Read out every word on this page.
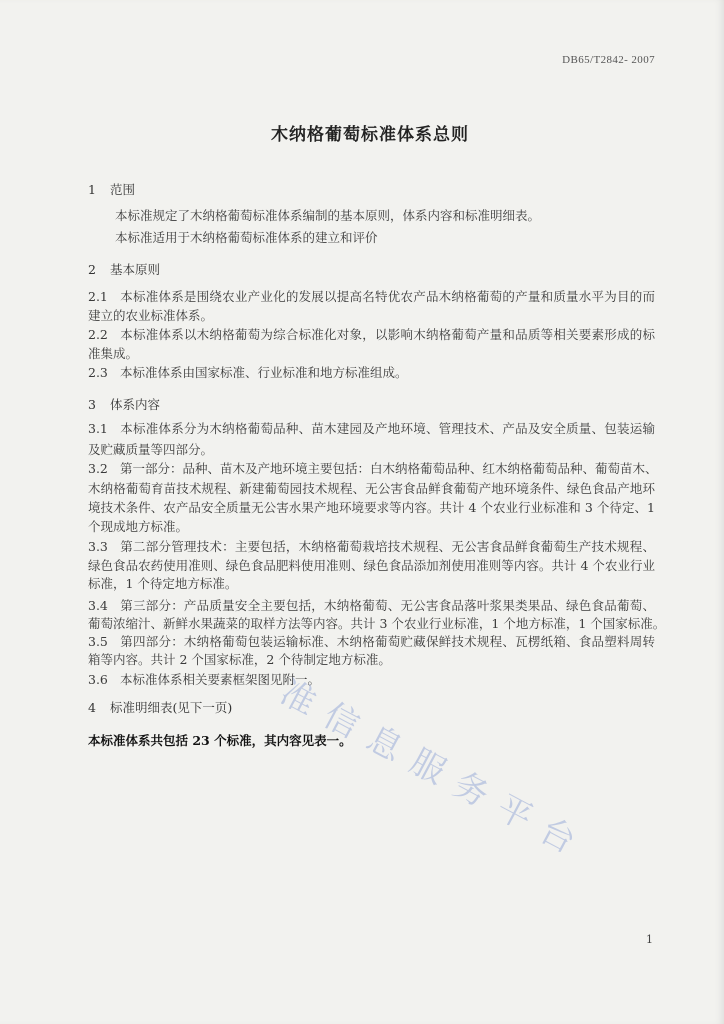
DB65/T2842- 2007
木纳格葡萄标准体系总则
1 范围
本标准规定了木纳格葡萄标准体系编制的基本原则，体系内容和标准明细表。
本标准适用于木纳格葡萄标准体系的建立和评价
2 基本原则
2.1 本标准体系是围绕农业产业化的发展以提高名特优农产品木纳格葡萄的产量和质量水平为目的而
建立的农业标准体系。
2.2 本标准体系以木纳格葡萄为综合标准化对象，以影响木纳格葡萄产量和品质等相关要素形成的标
准集成。
2.3 本标准体系由国家标准、行业标准和地方标准组成。
3 体系内容
3.1 本标准体系分为木纳格葡萄品种、苗木建园及产地环境、管理技术、产品及安全质量、包装运输
及贮藏质量等四部分。
3.2 第一部分：品种、苗木及产地环境主要包括：白木纳格葡萄品种、红木纳格葡萄品种、葡萄苗木、
木纳格葡萄育苗技术规程、新建葡萄园技术规程、无公害食品鲜食葡萄产地环境条件、绿色食品产地环
境技术条件、农产品安全质量无公害水果产地环境要求等内容。共计 4 个农业行业标准和 3 个待定、1
个现成地方标准。
3.3 第二部分管理技术：主要包括，木纳格葡萄栽培技术规程、无公害食品鲜食葡萄生产技术规程、
绿色食品农药使用准则、绿色食品肥料使用准则、绿色食品添加剂使用准则等内容。共计 4 个农业行业
标准，1 个待定地方标准。
3.4 第三部分：产品质量安全主要包括，木纳格葡萄、无公害食品落叶浆果类果品、绿色食品葡萄、
葡萄浓缩汁、新鲜水果蔬菜的取样方法等内容。共计 3 个农业行业标准，1 个地方标准，1 个国家标准。
3.5 第四部分：木纳格葡萄包装运输标准、木纳格葡萄贮藏保鲜技术规程、瓦楞纸箱、食品塑料周转
箱等内容。共计 2 个国家标准，2 个待制定地方标准。
3.6 本标准体系相关要素框架图见附一。
4 标准明细表(见下一页)
本标准体系共包括 23 个标准，其内容见表一。
1
准信息服务平台
